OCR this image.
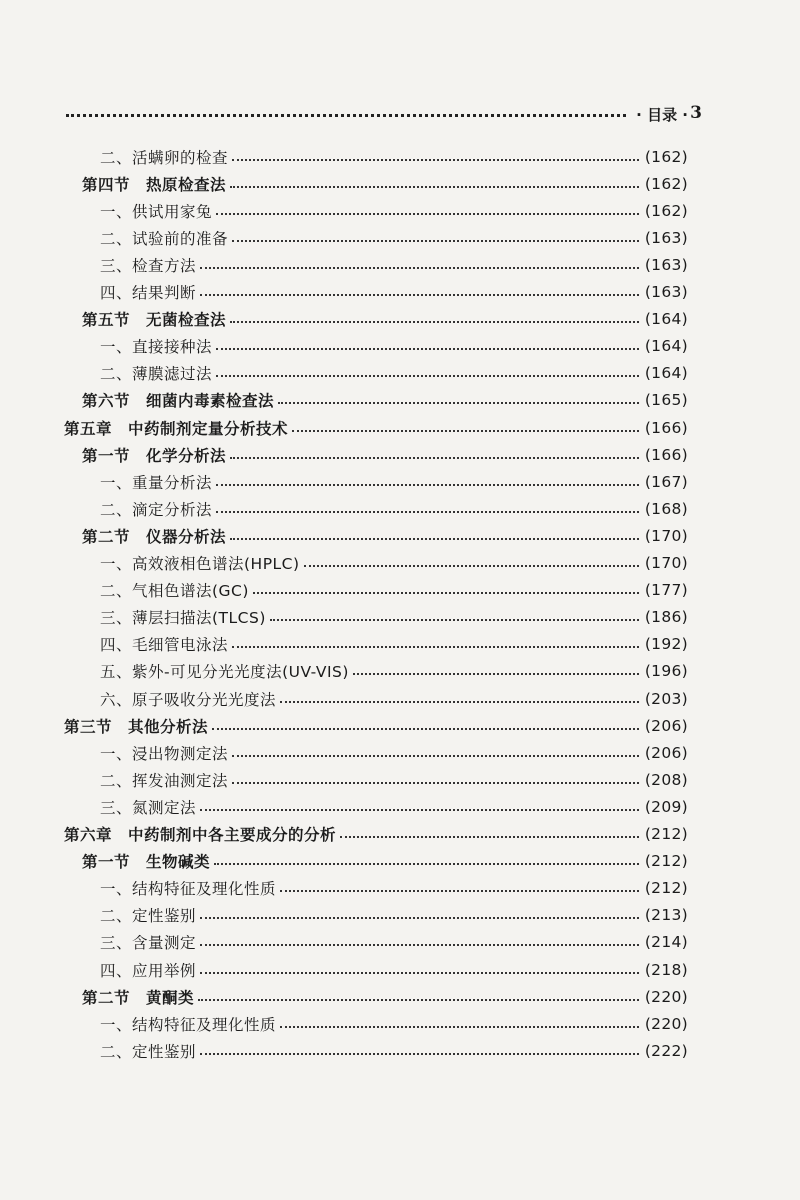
· 目录 · 3
二、活螨卵的检查	(162)
第四节　热原检查法	(162)
一、供试用家兔	(162)
二、试验前的准备	(163)
三、检查方法	(163)
四、结果判断	(163)
第五节　无菌检查法	(164)
一、直接接种法	(164)
二、薄膜滤过法	(164)
第六节　细菌内毒素检查法	(165)
第五章　中药制剂定量分析技术	(166)
第一节　化学分析法	(166)
一、重量分析法	(167)
二、滴定分析法	(168)
第二节　仪器分析法	(170)
一、高效液相色谱法(HPLC)	(170)
二、气相色谱法(GC)	(177)
三、薄层扫描法(TLCS)	(186)
四、毛细管电泳法	(192)
五、紫外-可见分光光度法(UV-VIS)	(196)
六、原子吸收分光光度法	(203)
第三节　其他分析法	(206)
一、浸出物测定法	(206)
二、挥发油测定法	(208)
三、氮测定法	(209)
第六章　中药制剂中各主要成分的分析	(212)
第一节　生物碱类	(212)
一、结构特征及理化性质	(212)
二、定性鉴别	(213)
三、含量测定	(214)
四、应用举例	(218)
第二节　黄酮类	(220)
一、结构特征及理化性质	(220)
二、定性鉴别	(222)
